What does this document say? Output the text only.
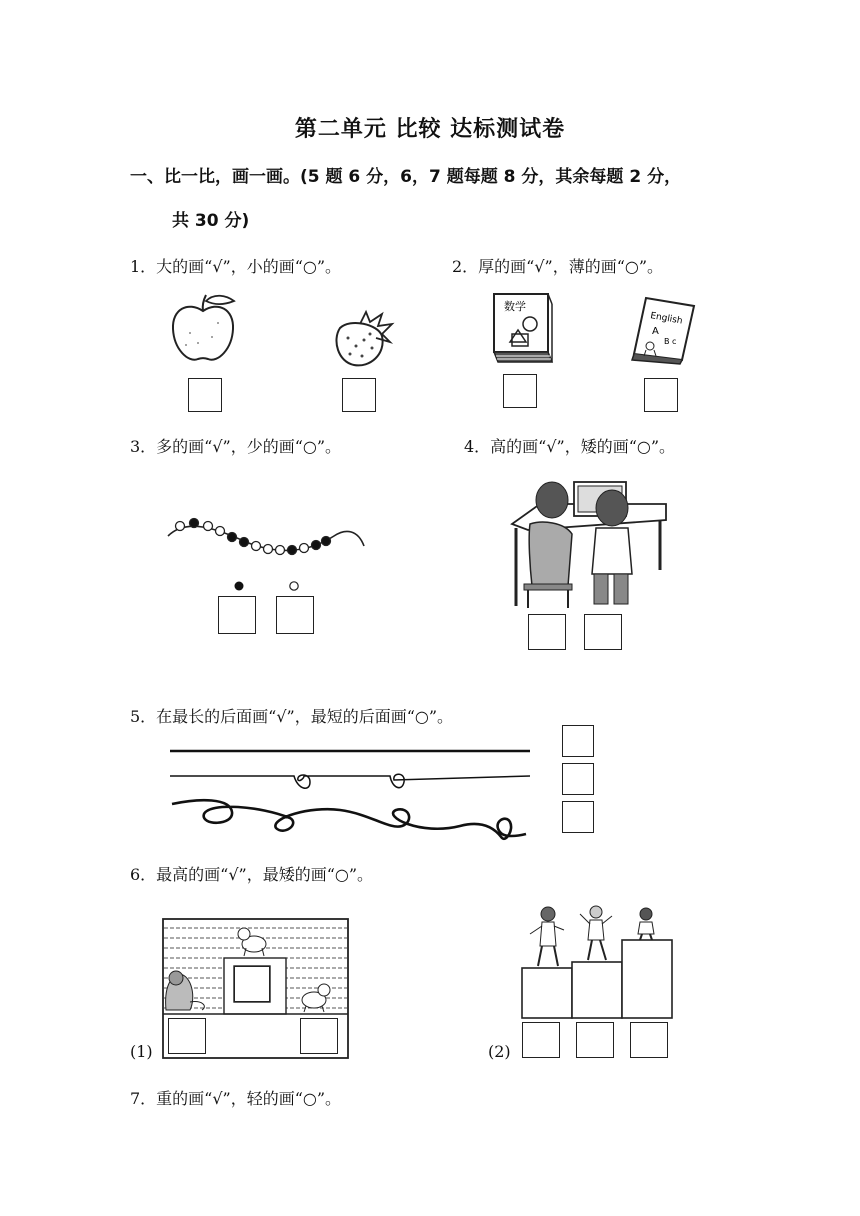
第二单元 比较 达标测试卷
一、比一比，画一画。(5 题 6 分，6，7 题每题 8 分，其余每题 2 分，
共 30 分)
1．大的画“√”，小的画“○”。	2．厚的画“√”，薄的画“○”。
数学
English
A
B c
3．多的画“√”，少的画“○”。	4．高的画“√”，矮的画“○”。
5．在最长的后面画“√”，最短的后面画“○”。
6．最高的画“√”，最矮的画“○”。
(1)	(2)
7．重的画“√”，轻的画“○”。
